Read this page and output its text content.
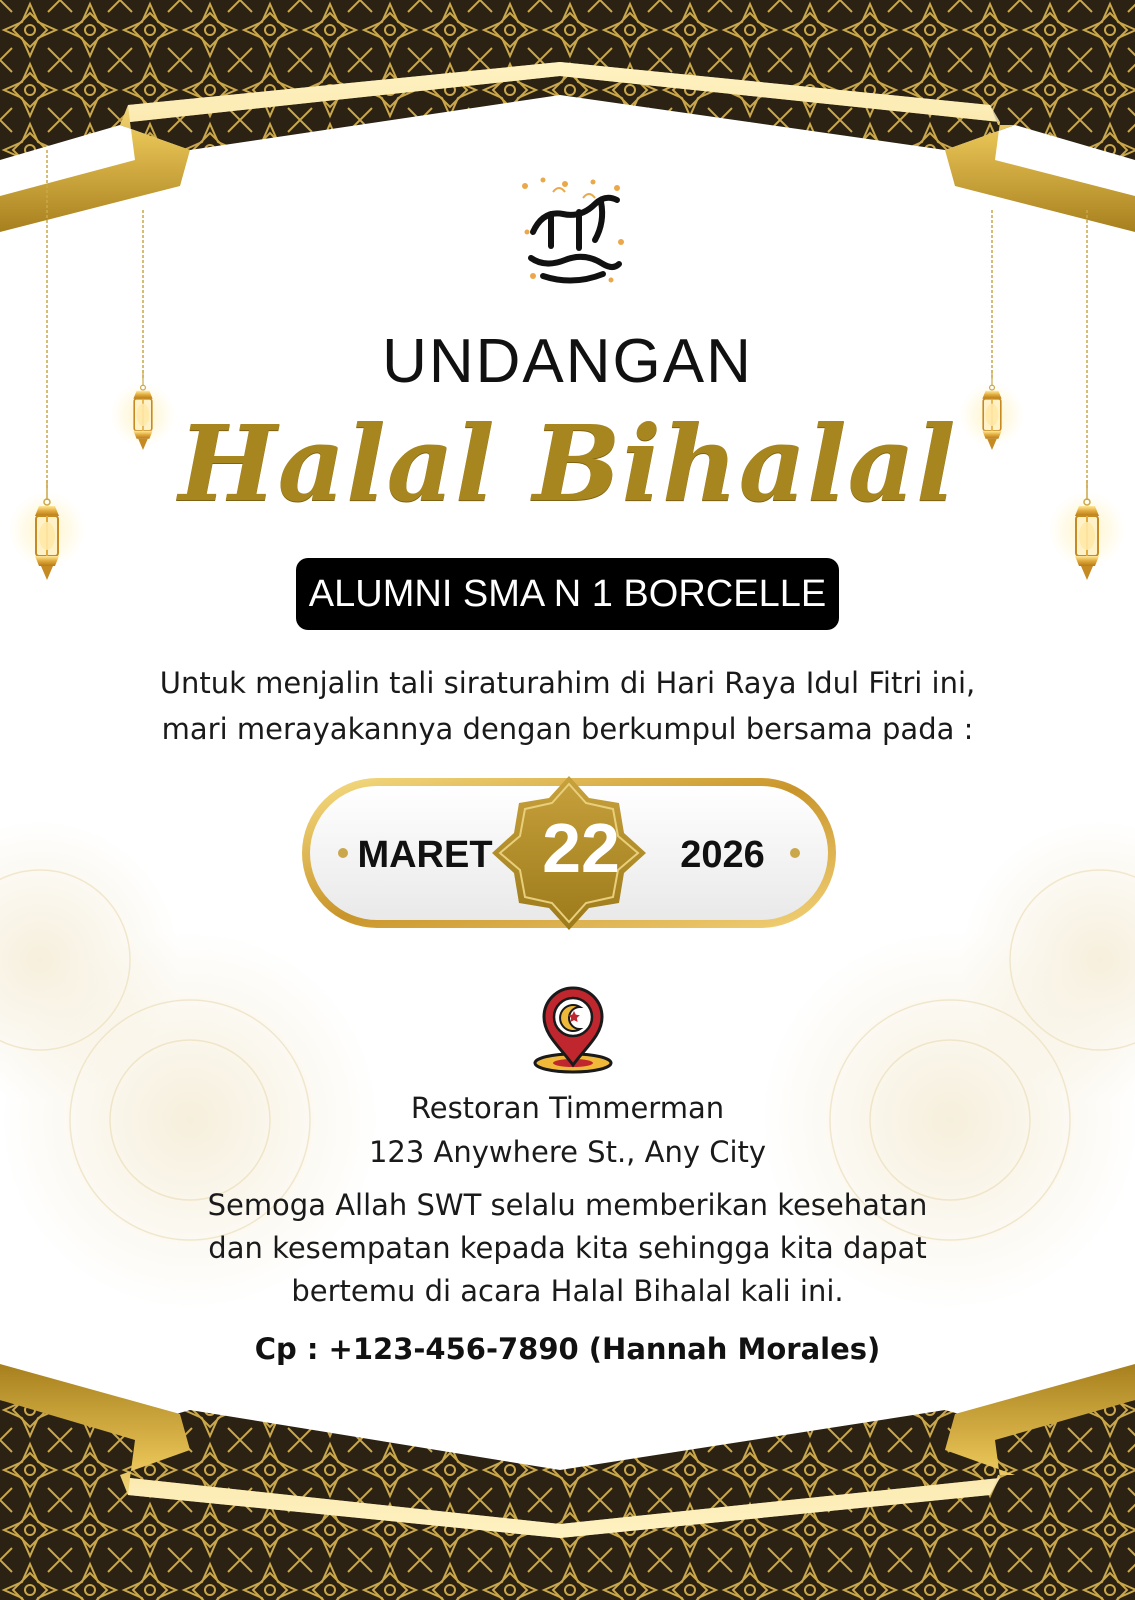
UNDANGAN
Halal Bihalal
ALUMNI SMA N 1 BORCELLE
Untuk menjalin tali siraturahim di Hari Raya Idul Fitri ini,
mari merayakannya dengan berkumpul bersama pada :
MARET 22	2026
Restoran Timmerman
123 Anywhere St., Any City
Semoga Allah SWT selalu memberikan kesehatan
dan kesempatan kepada kita sehingga kita dapat
bertemu di acara Halal Bihalal kali ini.
Cp : +123-456-7890 (Hannah Morales)
